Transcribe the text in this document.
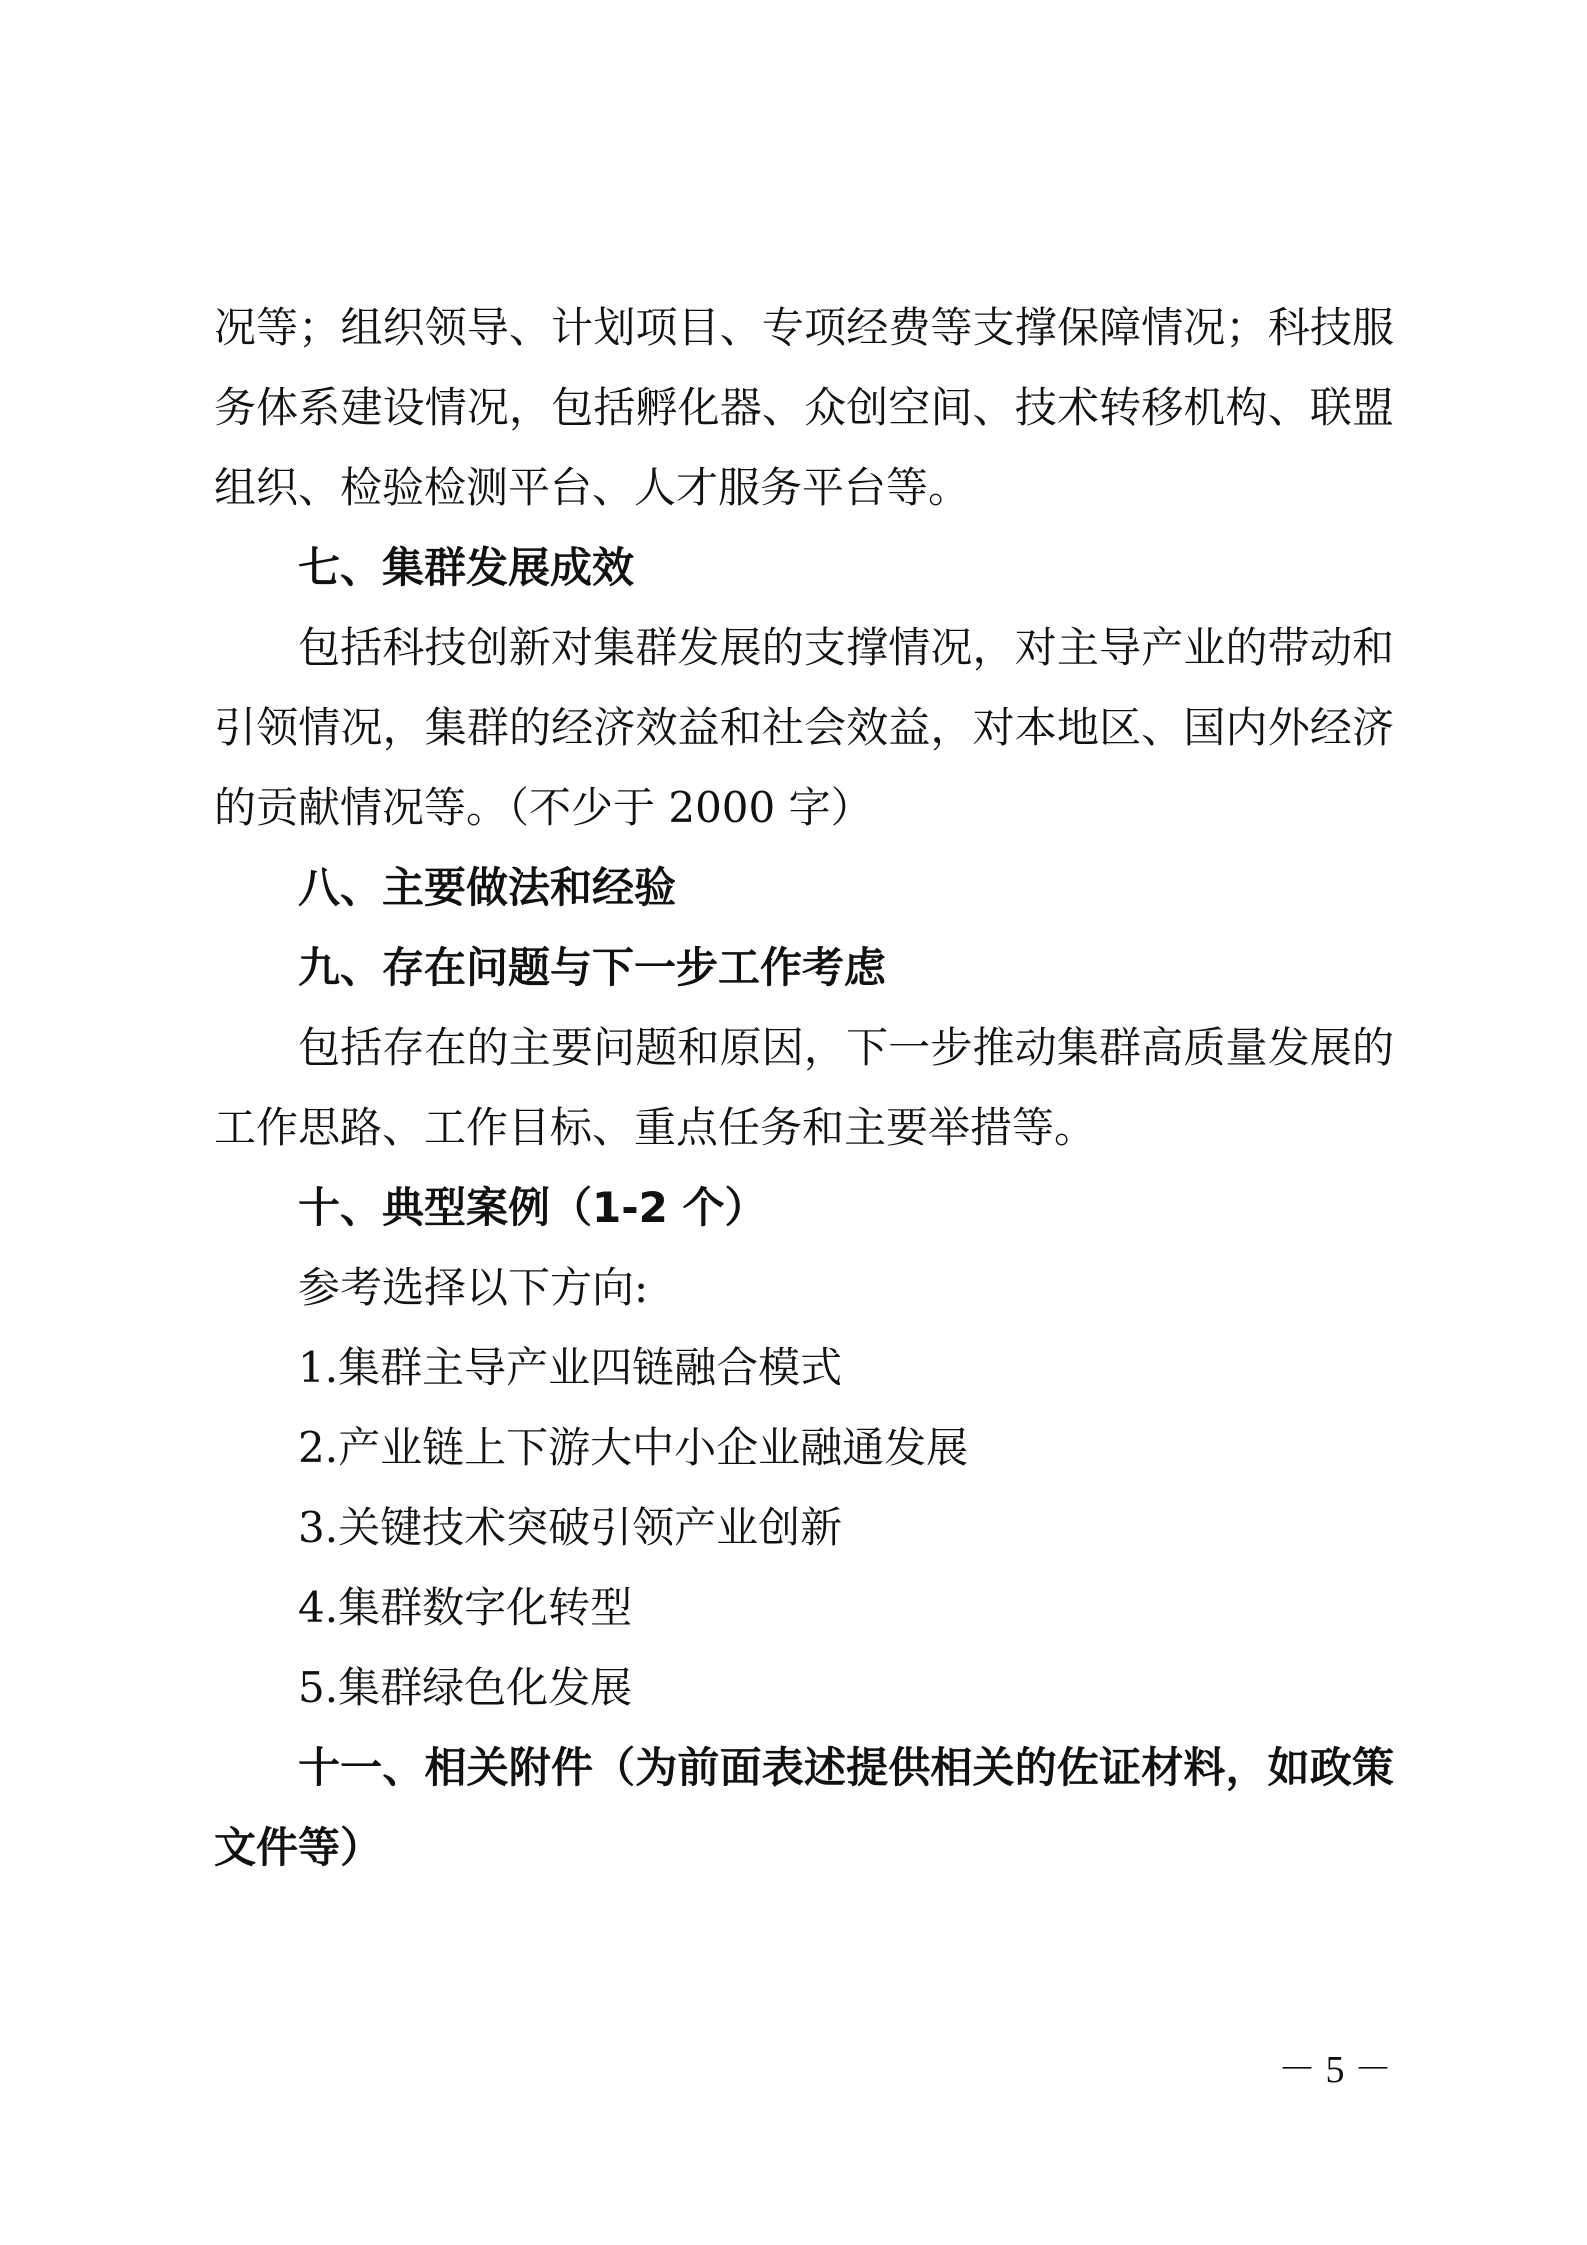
况等；组织领导、计划项目、专项经费等支撑保障情况；科技服
务体系建设情况，包括孵化器、众创空间、技术转移机构、联盟
组织、检验检测平台、人才服务平台等。
七、集群发展成效
包括科技创新对集群发展的支撑情况，对主导产业的带动和
引领情况，集群的经济效益和社会效益，对本地区、国内外经济
的贡献情况等。（不少于 2000 字）
八、主要做法和经验
九、存在问题与下一步工作考虑
包括存在的主要问题和原因，下一步推动集群高质量发展的
工作思路、工作目标、重点任务和主要举措等。
十、典型案例（1-2 个）
参考选择以下方向:
1.集群主导产业四链融合模式
2.产业链上下游大中小企业融通发展
3.关键技术突破引领产业创新
4.集群数字化转型
5.集群绿色化发展
十一、相关附件（为前面表述提供相关的佐证材料，如政策
文件等）
－ 5 －
